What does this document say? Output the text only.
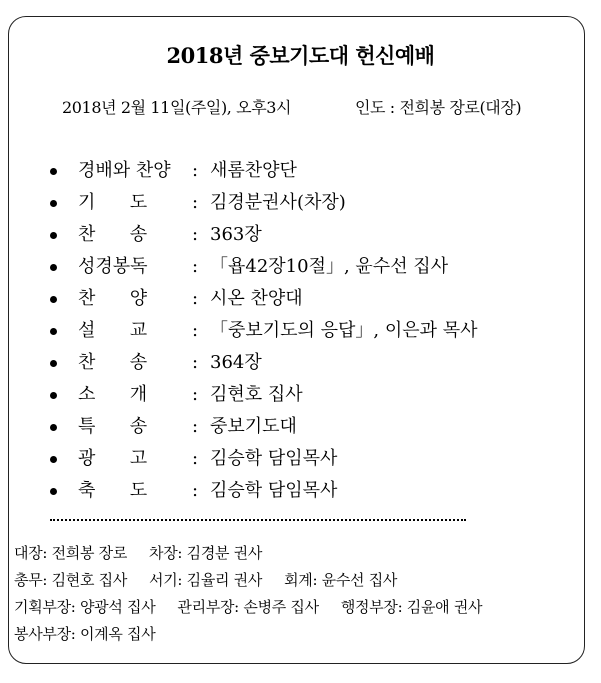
2018년 중보기도대 헌신예배
2018년 2월 11일(주일), 오후3시	인도 : 전희봉 장로(대장)
경배와 찬양 : 새롬찬양단
기      도	: 김경분권사(차장)
찬      송	: 363장
성경봉독	: 「욥42장10절」, 윤수선 집사
찬      양	: 시온 찬양대
설      교	: 「중보기도의 응답」, 이은과 목사
찬      송	: 364장
소      개	: 김현호 집사
특      송	: 중보기도대
광      고	: 김승학 담임목사
축      도	: 김승학 담임목사
대장: 전희봉 장로 차장: 김경분 권사
총무: 김현호 집사 서기: 김율리 권사 회계: 윤수선 집사
기획부장: 양광석 집사 관리부장: 손병주 집사 행정부장: 김윤애 권사
봉사부장: 이계옥 집사
